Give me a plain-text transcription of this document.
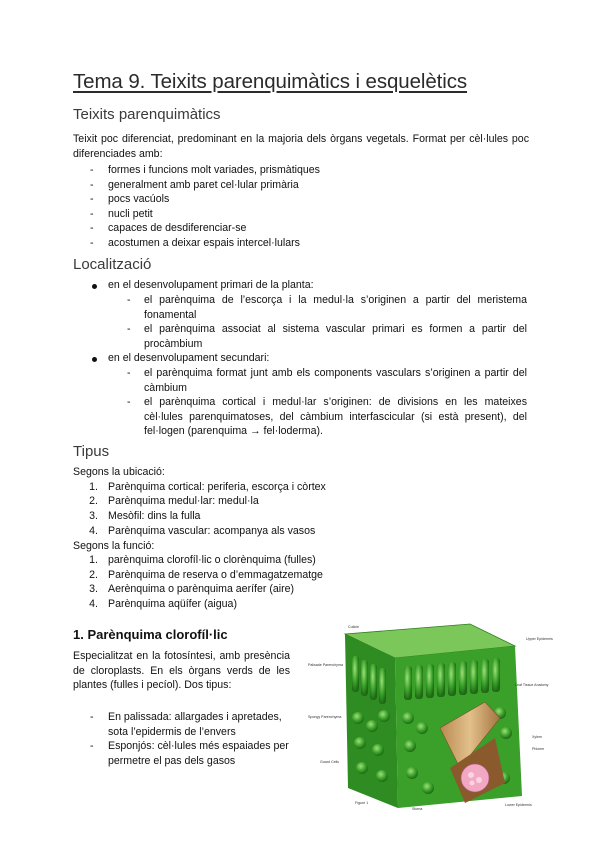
Tema 9. Teixits parenquimàtics i esquelètics
Teixits parenquimàtics
Teixit poc diferenciat, predominant en la majoria dels òrgans vegetals. Format per cèl·lules poc diferenciades amb:
- formes i funcions molt variades, prismàtiques
- generalment amb paret cel·lular primària
- pocs vacúols
- nucli petit
- capaces de desdiferenciar-se
- acostumen a deixar espais intercel·lulars
Localització
en el desenvolupament primari de la planta:
- el parènquima de l’escorça i la medul·la s’originen a partir del meristema fonamental
- el parènquima associat al sistema vascular primari es formen a partir del procàmbium
en el desenvolupament secundari:
- el parènquima format junt amb els components vasculars s’originen a partir del càmbium
- el parènquima cortical i medul·lar s’originen: de divisions en les mateixes cèl·lules parenquimatoses, del càmbium interfascicular (si està present), del fel·logen (parenquima → fel·loderma).
Tipus
Segons la ubicació:
1. Parènquima cortical: periferia, escorça i còrtex
2. Parènquima medul·lar: medul·la
3. Mesòfil: dins la fulla
4. Parènquima vascular: acompanya als vasos
Segons la funció:
1. parènquima clorofíl·lic o clorènquima (fulles)
2. Parènquima de reserva o d’emmagatzematge
3. Aerènquima o parènquima aerífer (aire)
4. Parènquima aqüífer (aigua)
1. Parènquima clorofíl·lic
Especialitzat en la fotosíntesi, amb presència de cloroplasts. En els òrgans verds de les plantes (fulles i pecíol). Dos tipus:
- En palissada: allargades i apretades, sota l’epidermis de l’envers
- Esponjós: cèl·lules més espaiades per permetre el pas dels gasos
Cuticle
Upper Epidermis
Palisade Parenchyma
Leaf Tissue Anatomy
Spongy Parenchyma
Xylem
Phloem
Guard Cells
Stoma
Lower Epidermis
Figure 1
